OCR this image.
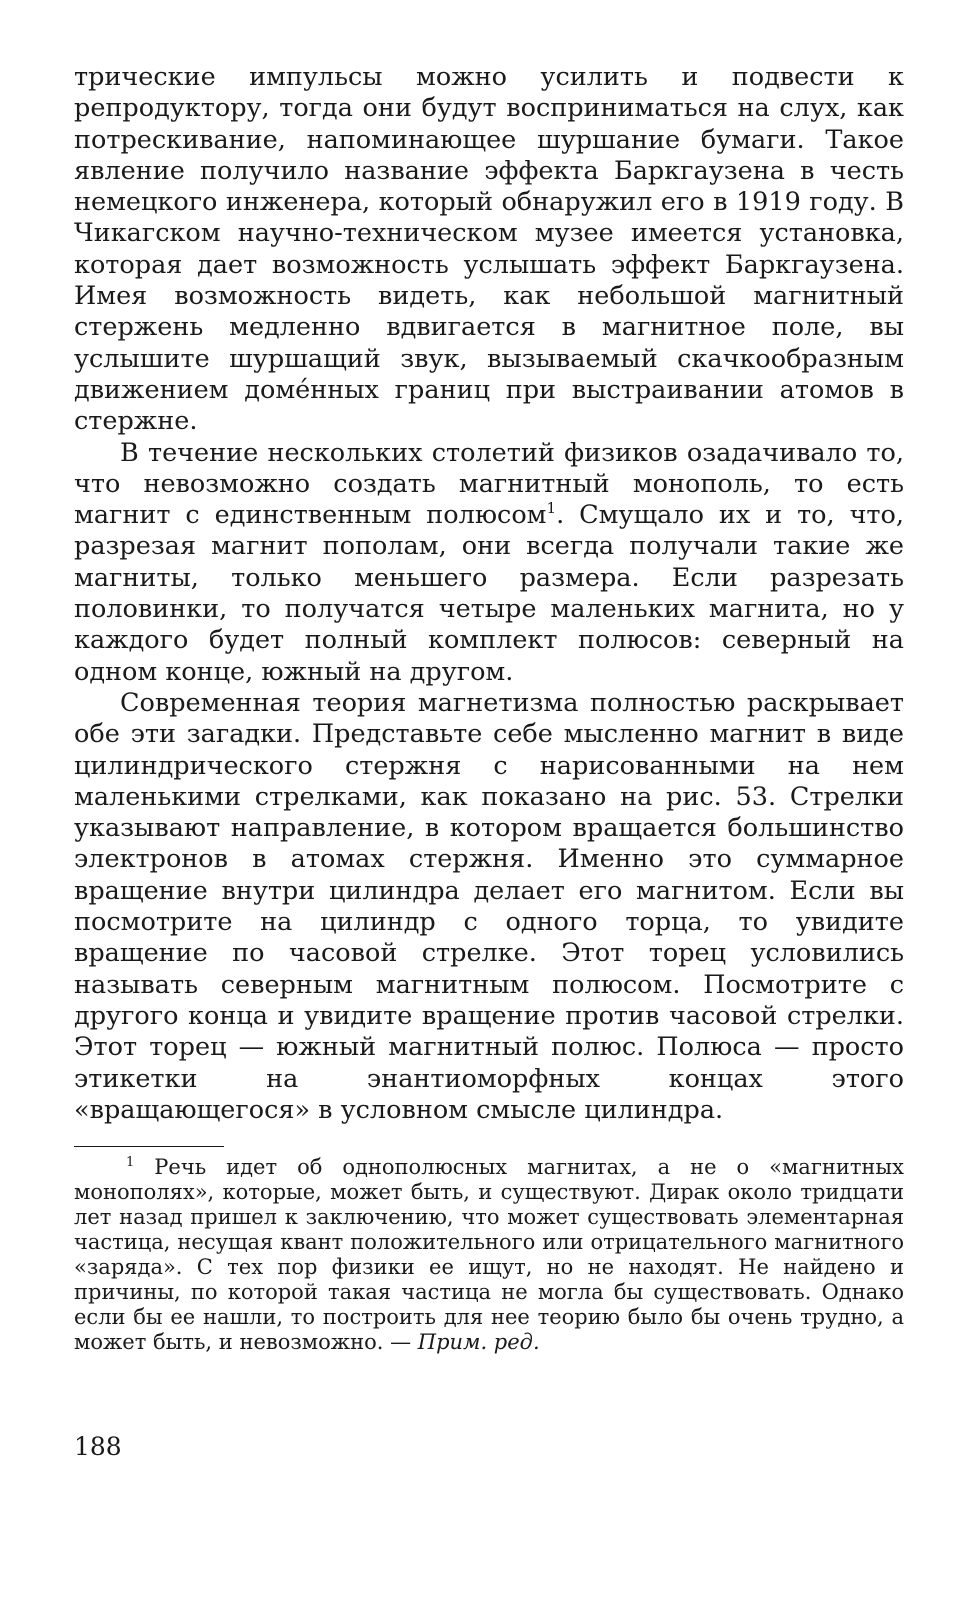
трические импульсы можно усилить и подвести к репродуктору, тогда они будут восприниматься на слух, как потрескивание, напоминающее шуршание бумаги. Такое явление получило название эффекта Баркгаузена в честь немецкого инженера, который обнаружил его в 1919 году. В Чикагском научно-техническом музее имеется установка, которая дает возможность услышать эффект Баркгаузена. Имея возможность видеть, как небольшой магнитный стержень медленно вдвигается в магнитное поле, вы услышите шуршащий звук, вызываемый скачкообразным движением доме́нных границ при выстраивании атомов в стержне.

В течение нескольких столетий физиков озадачивало то, что невозможно создать магнитный монополь, то есть магнит с единственным полюсом$^1$. Смущало их и то, что, разрезая магнит пополам, они всегда получали такие же магниты, только меньшего размера. Если разрезать половинки, то получатся четыре маленьких магнита, но у каждого будет полный комплект полюсов: северный на одном конце, южный на другом.

Современная теория магнетизма полностью раскрывает обе эти загадки. Представьте себе мысленно магнит в виде цилиндрического стержня с нарисованными на нем маленькими стрелками, как показано на рис. 53. Стрелки указывают направление, в котором вращается большинство электронов в атомах стержня. Именно это суммарное вращение внутри цилиндра делает его магнитом. Если вы посмотрите на цилиндр с одного торца, то увидите вращение по часовой стрелке. Этот торец условились называть северным магнитным полюсом. Посмотрите с другого конца и увидите вращение против часовой стрелки. Этот торец — южный магнитный полюс. Полюса — просто этикетки на энантиоморфных концах этого «вращающегося» в условном смысле цилиндра.

$^1$ Речь идет об однополюсных магнитах, а не о «магнитных монополях», которые, может быть, и существуют. Дирак около тридцати лет назад пришел к заключению, что может существовать элементарная частица, несущая квант положительного или отрицательного магнитного «заряда». С тех пор физики ее ищут, но не находят. Не найдено и причины, по которой такая частица не могла бы существовать. Однако если бы ее нашли, то построить для нее теорию было бы очень трудно, а может быть, и невозможно. — Прим. ред.

188
